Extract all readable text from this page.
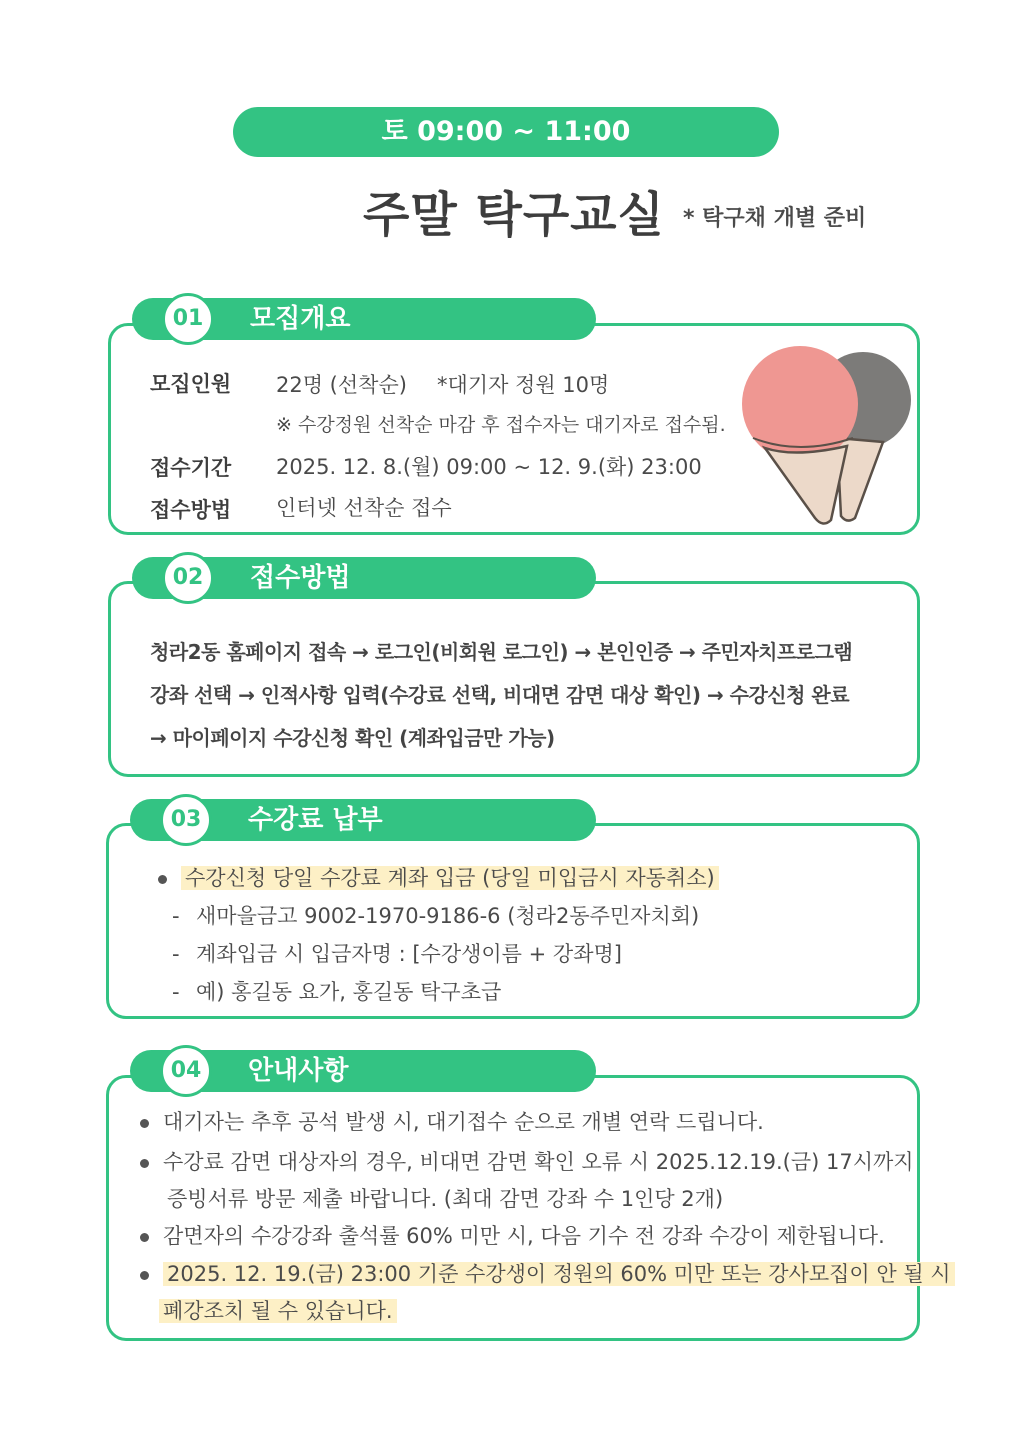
토 09:00 ~ 11:00
주말 탁구교실 * 탁구채 개별 준비
01	모집개요
모집인원 22명 (선착순) *대기자 정원 10명
※ 수강정원 선착순 마감 후 접수자는 대기자로 접수됨.
접수기간 2025. 12. 8.(월) 09:00 ~ 12. 9.(화) 23:00
접수방법 인터넷 선착순 접수
02	접수방법
청라2동 홈페이지 접속 → 로그인(비회원 로그인) → 본인인증 → 주민자치프로그램
강좌 선택 → 인적사항 입력(수강료 선택, 비대면 감면 대상 확인) → 수강신청 완료
→ 마이페이지 수강신청 확인 (계좌입금만 가능)
03	수강료 납부
수강신청 당일 수강료 계좌 입금 (당일 미입금시 자동취소)
- 새마을금고 9002-1970-9186-6 (청라2동주민자치회)
- 계좌입금 시 입금자명 : [수강생이름 + 강좌명]
- 예) 홍길동 요가, 홍길동 탁구초급
04	안내사항
대기자는 추후 공석 발생 시, 대기접수 순으로 개별 연락 드립니다.
수강료 감면 대상자의 경우, 비대면 감면 확인 오류 시 2025.12.19.(금) 17시까지
증빙서류 방문 제출 바랍니다. (최대 감면 강좌 수 1인당 2개)
감면자의 수강강좌 출석률 60% 미만 시, 다음 기수 전 강좌 수강이 제한됩니다.
2025. 12. 19.(금) 23:00 기준 수강생이 정원의 60% 미만 또는 강사모집이 안 될 시
폐강조치 될 수 있습니다.
